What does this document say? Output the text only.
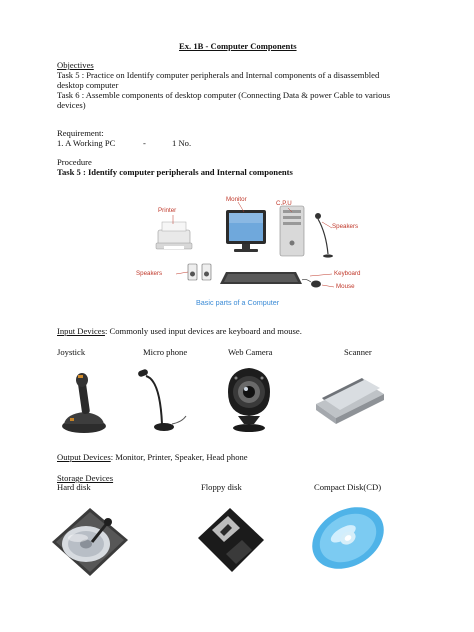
Ex. 1B - Computer Components
Objectives
Task 5 : Practice on Identify computer peripherals and Internal components of a disassembled
desktop computer
Task 6 : Assemble components of desktop computer (Connecting Data & power Cable to various
devices)
Requirement:
1. A Working PC	-	1 No.
Procedure
Task 5 : Identify computer peripherals and Internal components
Monitor
C.P.U
Printer
Speakers
Speakers	Keyboard
Mouse
Basic parts of a Computer
Input Devices: Commonly used input devices are keyboard and mouse.
Joystick	Micro phone	Web Camera	Scanner
Output Devices: Monitor, Printer, Speaker, Head phone
Storage Devices
Hard disk	Floppy disk	Compact Disk(CD)
